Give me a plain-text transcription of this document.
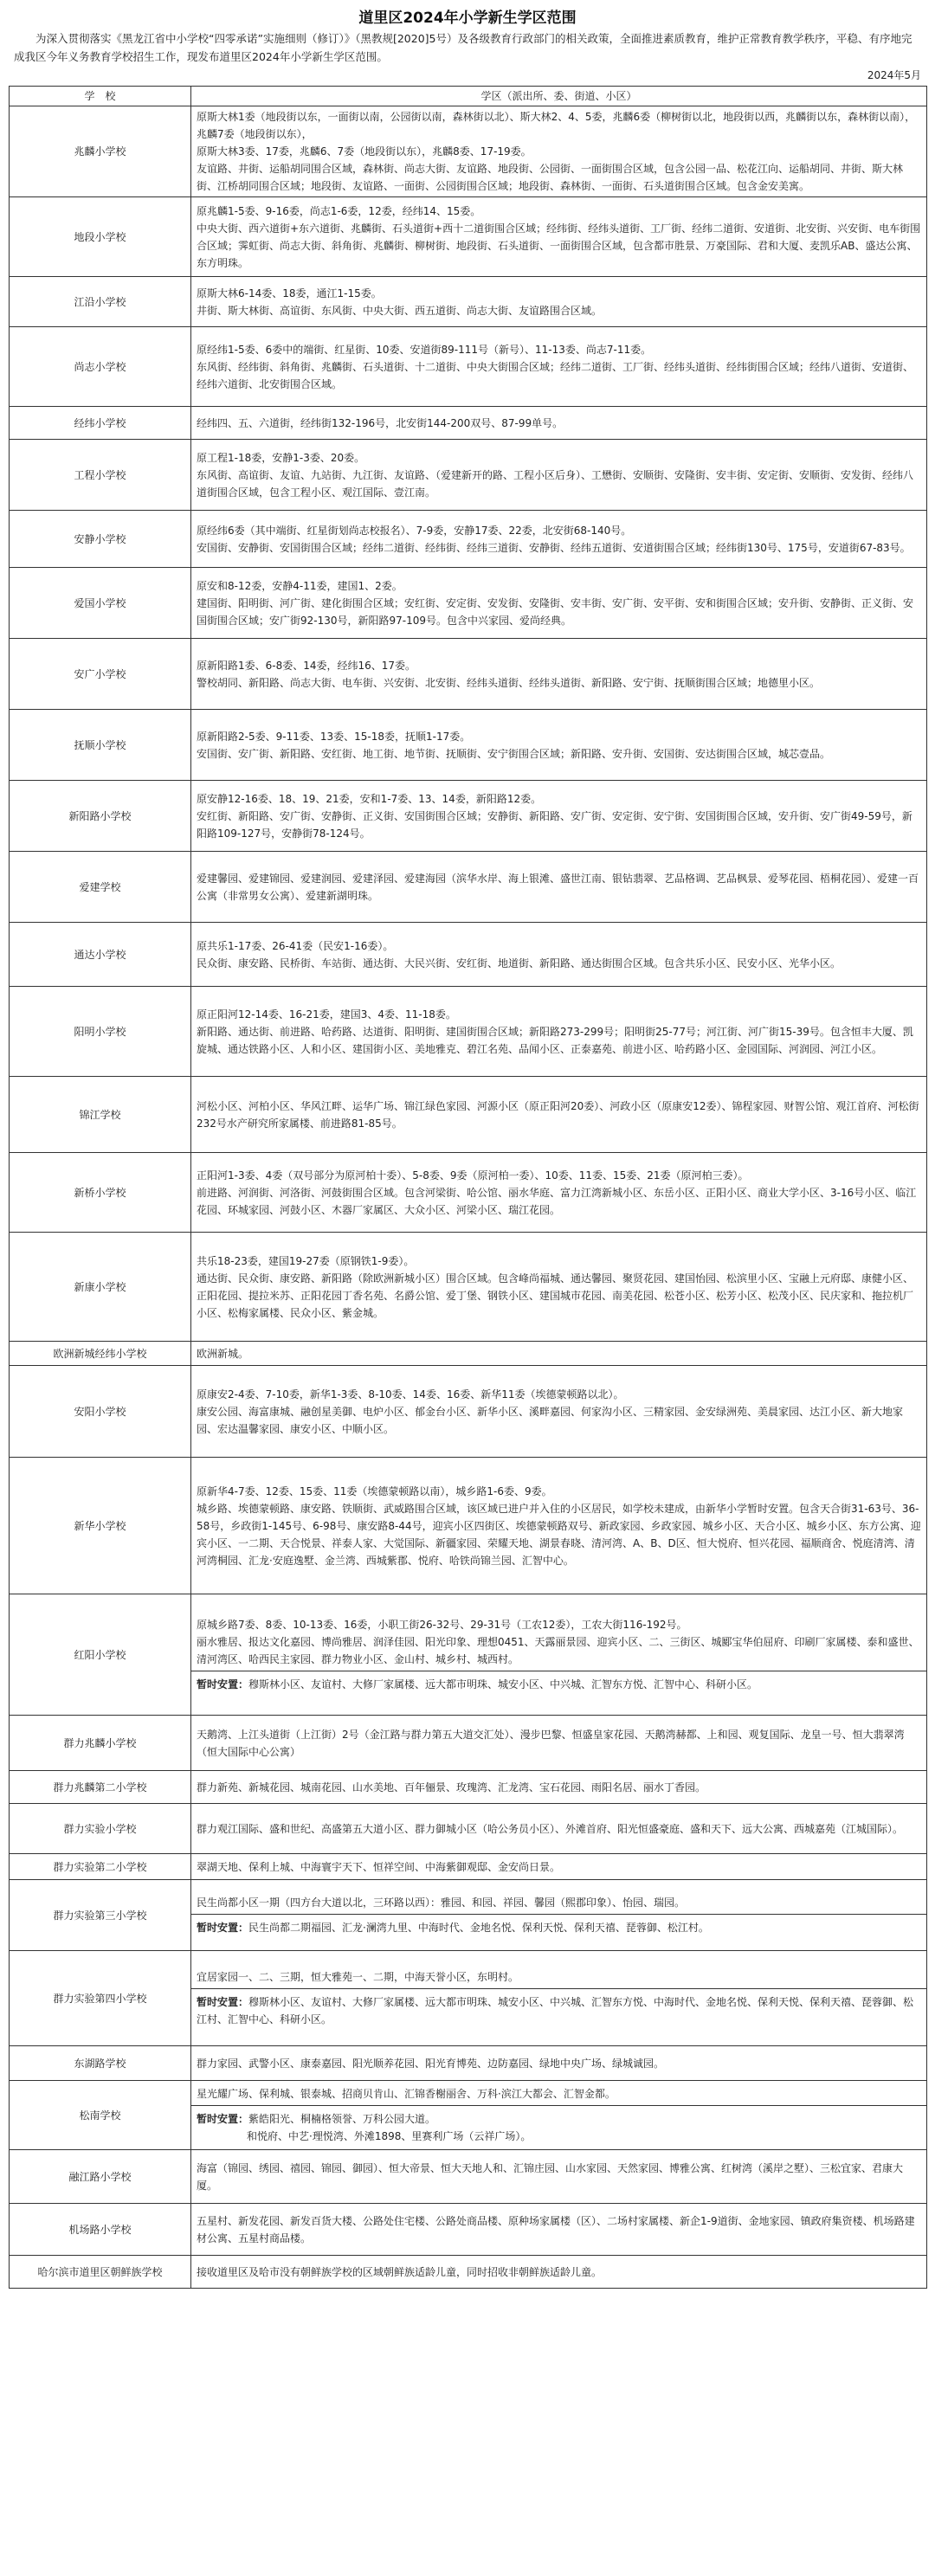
道里区2024年小学新生学区范围
为深入贯彻落实《黑龙江省中小学校“四零承诺”实施细则（修订）》（黑教规[2020]5号）及各级教育行政部门的相关政策，全面推进素质教育，维护正常教育教学秩序，平稳、有序地完成我区今年义务教育学校招生工作，现发布道里区2024年小学新生学区范围。
2024年5月
学　校	学区（派出所、委、街道、小区）
兆麟小学校	原斯大林1委（地段街以东，一面街以南，公园街以南，森林街以北）、斯大林2、4、5委，兆麟6委（柳树街以北，地段街以西，兆麟街以东，森林街以南），兆麟7委（地段街以东），
原斯大林3委、17委，兆麟6、7委（地段街以东），兆麟8委、17-19委。
友谊路、井街、运船胡同围合区域，森林街、尚志大街、友谊路、地段街、公园街、一面街围合区域，包含公园一品、松花江向、运船胡同、井街、斯大林街、江桥胡同围合区域；地段街、友谊路、一面街、公园街围合区域；地段街、森林街、一面街、石头道街围合区域。包含金安美寓。

地段小学校	原兆麟1-5委、9-16委，尚志1-6委，12委，经纬14、15委。
中央大街、西六道街+东六道街、兆麟街、石头道街+西十二道街围合区域；经纬街、经纬头道街、工厂街、经纬二道街、安道街、北安街、兴安街、电车街围合区域；霁虹街、尚志大街、斜角街、兆麟街、柳树街、地段街、石头道街、一面街围合区域，包含都市胜景、万豪国际、君和大厦、麦凯乐AB、盛达公寓、东方明珠。

江沿小学校	原斯大林6-14委、18委，通江1-15委。
井街、斯大林街、高谊街、东风街、中央大街、西五道街、尚志大街、友谊路围合区域。

尚志小学校	原经纬1-5委、6委中的端街、红星街、10委、安道街89-111号（新号）、11-13委、尚志7-11委。
东风街、经纬街、斜角街、兆麟街、石头道街、十二道街、中央大街围合区域；经纬二道街、工厂街、经纬头道街、经纬街围合区域；经纬八道街、安道街、经纬六道街、北安街围合区域。

经纬小学校	经纬四、五、六道街，经纬街132-196号，北安街144-200双号、87-99单号。

工程小学校	原工程1-18委，安静1-3委、20委。
东风街、高谊街、友谊、九站街、九江街、友谊路、（爱建新开的路、工程小区后身）、工懋街、安顺街、安隆街、安丰街、安定街、安顺街、安发街、经纬八道街围合区域，包含工程小区、观江国际、壹江南。

安静小学校	原经纬6委（其中端街、红星街划尚志校报名）、7-9委，安静17委、22委，北安街68-140号。
安国街、安静街、安国街围合区域；经纬二道街、经纬街、经纬三道街、安静街、经纬五道街、安道街围合区域；经纬街130号、175号，安道街67-83号。

爱国小学校	原安和8-12委，安静4-11委，建国1、2委。
建国街、阳明街、河广街、建化街围合区域；安红街、安定街、安发街、安隆街、安丰街、安广街、安平街、安和街围合区域；安升街、安静街、正义街、安国街围合区域；安广街92-130号，新阳路97-109号。包含中兴家园、爱尚经典。

安广小学校	原新阳路1委、6-8委、14委，经纬16、17委。
警校胡同、新阳路、尚志大街、电车街、兴安街、北安街、经纬头道街、经纬头道街、新阳路、安宁街、抚顺街围合区域；地德里小区。

抚顺小学校	原新阳路2-5委、9-11委、13委、15-18委，抚顺1-17委。
安国街、安广街、新阳路、安红街、地工街、地节街、抚顺街、安宁街围合区域；新阳路、安升街、安国街、安达街围合区域，城芯壹品。

新阳路小学校	原安静12-16委、18、19、21委，安和1-7委、13、14委，新阳路12委。
安红街、新阳路、安广街、安静街、正义街、安国街围合区域；安静街、新阳路、安广街、安定街、安宁街、安国街围合区域，安升街、安广街49-59号，新阳路109-127号，安静街78-124号。

爱建学校	爱建馨园、爱建锦园、爱建润园、爱建泽园、爱建海园（滨华水岸、海上银滩、盛世江南、银钻翡翠、艺品格调、艺品枫景、爱琴花园、梧桐花园）、爱建一百公寓（非常男女公寓）、爱建新湖明珠。

通达小学校	原共乐1-17委、26-41委（民安1-16委）。
民众街、康安路、民桥街、车站街、通达街、大民兴街、安红街、地道街、新阳路、通达街围合区域。包含共乐小区、民安小区、光华小区。

阳明小学校	原正阳河12-14委、16-21委，建国3、4委、11-18委。
新阳路、通达街、前进路、哈药路、达道街、阳明街、建国街围合区域；新阳路273-299号；阳明街25-77号；河江街、河广街15-39号。包含恒丰大厦、凯旋城、通达铁路小区、人和小区、建国街小区、美地雅克、碧江名苑、品闻小区、正泰嘉苑、前进小区、哈药路小区、金园国际、河润园、河江小区。

锦江学校	河松小区、河柏小区、华风江畔、运华广场、锦江绿色家园、河源小区（原正阳河20委）、河政小区（原康安12委）、锦程家园、财智公馆、观江首府、河松街232号水产研究所家属楼、前进路81-85号。

新桥小学校	正阳河1-3委、4委（双号部分为原河柏十委）、5-8委、9委（原河柏一委）、10委、11委、15委、21委（原河柏三委）。
前进路、河润街、河洛街、河鼓街围合区域。包含河梁街、哈公馆、丽水华庭、富力江湾新城小区、东岳小区、正阳小区、商业大学小区、3-16号小区、临江花园、环城家园、河鼓小区、木器厂家属区、大众小区、河梁小区、瑞江花园。

新康小学校	共乐18-23委，建国19-27委（原钢铁1-9委）。
通达街、民众街、康安路、新阳路（除欧洲新城小区）围合区域。包含峰尚福城、通达馨园、聚贤花园、建国怡园、松滨里小区、宝融上元府邸、康健小区、正阳花园、提拉米苏、正阳花园丁香名苑、名爵公馆、爱丁堡、钢铁小区、建国城市花园、南美花园、松苍小区、松芳小区、松茂小区、民庆家和、拖拉机厂小区、松梅家属楼、民众小区、紫金城。

欧洲新城经纬小学校	欧洲新城。

安阳小学校	原康安2-4委、7-10委，新华1-3委、8-10委、14委、16委、新华11委（埃德蒙顿路以北）。
康安公园、海富康城、融创星美御、电炉小区、郁金台小区、新华小区、溪畔嘉园、何家沟小区、三精家园、金安绿洲苑、美晨家园、达江小区、新大地家园、宏达温馨家园、康安小区、中顺小区。

新华小学校	原新华4-7委、12委、15委、11委（埃德蒙顿路以南），城乡路1-6委、9委。
城乡路、埃德蒙顿路、康安路、铁顺街、武威路围合区域，该区域已进户并入住的小区居民，如学校未建成，由新华小学暂时安置。包含天合街31-63号、36-58号，乡政街1-145号、6-98号、康安路8-44号，迎宾小区四街区、埃德蒙顿路双号、新政家园、乡政家园、城乡小区、天合小区、城乡小区、东方公寓、迎宾小区、一二期、天合悦景、祥泰人家、大觉国际、新疆家园、荣耀天地、湖景春晓、清河湾、A、B、D区、恒大悦府、恒兴花园、福顺商舍、悦庭清湾、清河湾桐园、汇龙·安庭逸墅、金兰湾、西城紫郡、悦府、哈铁尚锦兰园、汇智中心。

红阳小学校	原城乡路7委、8委、10-13委、16委，小职工街26-32号、29-31号（工农12委），工农大街116-192号。
丽水雅居、报达文化嘉园、博尚雅居、润泽佳园、阳光印象、理想0451、天露丽景园、迎宾小区、二、三街区、城郾宝华伯屈府、印刷厂家属楼、泰和盛世、清河湾区、哈西民主家园、群力物业小区、金山村、城乡村、城西村。
暂时安置：穆斯林小区、友谊村、大修厂家属楼、远大都市明珠、城安小区、中兴城、汇智东方悦、汇智中心、科研小区。

群力兆麟小学校	天鹅湾、上江头道街（上江街）2号（金江路与群力第五大道交汇处）、漫步巴黎、恒盛皇家花园、天鹅湾赫都、上和园、观复国际、龙皇一号、恒大翡翠湾（恒大国际中心公寓）

群力兆麟第二小学校	群力新苑、新城花园、城南花园、山水美地、百年俪景、玫瑰湾、汇龙湾、宝石花园、雨阳名居、丽水丁香园。

群力实验小学校	群力观江国际、盛和世纪、高盛第五大道小区、群力御城小区（哈公务员小区）、外滩首府、阳光恒盛豪庭、盛和天下、远大公寓、西城嘉苑（江城国际）。

群力实验第二小学校	翠湖天地、保利上城、中海寰宇天下、恒祥空间、中海紫御观邸、金安尚日景。

群力实验第三小学校	民生尚都小区一期（四方台大道以北，三环路以西）：雅园、和园、祥园、馨园（熙郡印象）、怡园、瑞园。
暂时安置：民生尚都二期福园、汇龙·澜湾九里、中海时代、金地名悦、保利天悦、保利天禧、琵蓉御、松江村。

群力实验第四小学校	宜居家园一、二、三期，恒大雅苑一、二期，中海天誉小区，东明村。
暂时安置：穆斯林小区、友谊村、大修厂家属楼、远大都市明珠、城安小区、中兴城、汇智东方悦、中海时代、金地名悦、保利天悦、保利天禧、琵蓉御、松江村、汇智中心、科研小区。

东湖路学校	群力家园、武警小区、康泰嘉园、阳光顺养花园、阳光育博苑、边防嘉园、绿地中央广场、绿城诚园。

松南学校	星光耀广场、保利城、银泰城、招商贝肯山、汇锦香榭丽舍、万科·滨江大都会、汇智金都。
暂时安置：紫皓阳光、桐楠格领誉、万科公园大道。
和悦府、中艺·理悦湾、外滩1898、里赛利广场（云祥广场）。

融江路小学校	海富（锦园、绣园、禧园、锦园、御园）、恒大帝景、恒大天地人和、汇锦庄园、山水家园、天然家园、博雅公寓、红树湾（溪岸之墅）、三松宜家、君康大厦。

机场路小学校	五星村、新发花园、新发百货大楼、公路处住宅楼、公路处商品楼、原种场家属楼（区）、二场村家属楼、新企1-9道街、金地家园、镇政府集资楼、机场路建材公寓、五星村商品楼。

哈尔滨市道里区朝鲜族学校	接收道里区及哈市没有朝鲜族学校的区域朝鲜族适龄儿童，同时招收非朝鲜族适龄儿童。
